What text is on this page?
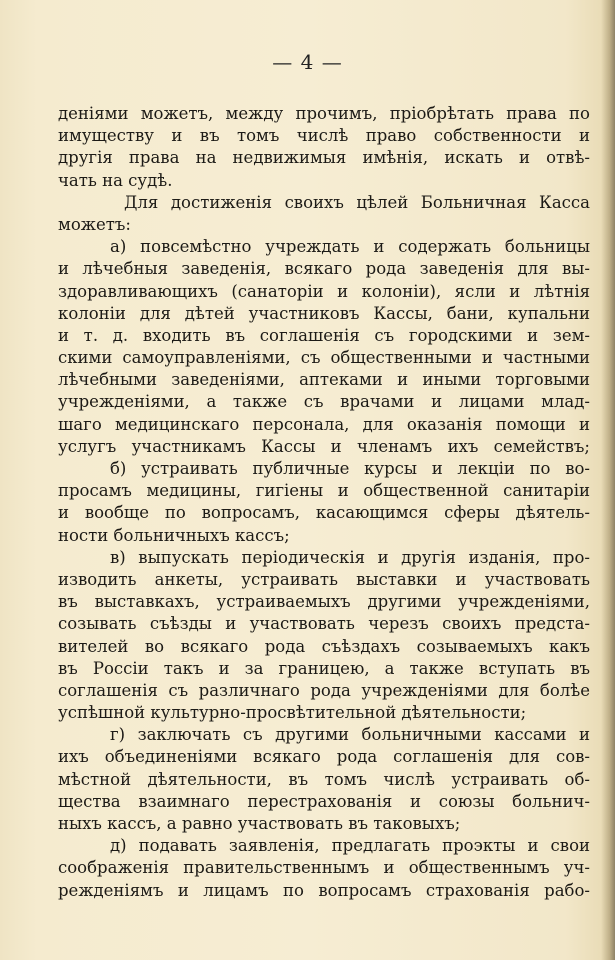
— 4 —
деніями можетъ, между прочимъ, пріобрѣтать права по
имуществу и въ томъ числѣ право собственности и
другія права на недвижимыя имѣнія, искать и отвѣ-
чать на судѣ.
Для достиженія своихъ цѣлей Больничная Касса
можетъ:
а) повсемѣстно учреждать и содержать больницы
и лѣчебныя заведенія, всякаго рода заведенія для вы-
здоравливающихъ (санаторіи и колоніи), ясли и лѣтнія
колоніи для дѣтей участниковъ Кассы, бани, купальни
и т. д. входить въ соглашенія съ городскими и зем-
скими самоуправленіями, съ общественными и частными
лѣчебными заведеніями, аптеками и иными торговыми
учрежденіями, а также съ врачами и лицами млад-
шаго медицинскаго персонала, для оказанія помощи и
услугъ участникамъ Кассы и членамъ ихъ семействъ;
б) устраивать публичные курсы и лекціи по во-
просамъ медицины, гигіены и общественной санитаріи
и вообще по вопросамъ, касающимся сферы дѣятель-
ности больничныхъ кассъ;
в) выпускать періодическія и другія изданія, про-
изводить анкеты, устраивать выставки и участвовать
въ выставкахъ, устраиваемыхъ другими учрежденіями,
созывать съѣзды и участвовать черезъ своихъ предста-
вителей во всякаго рода съѣздахъ созываемыхъ какъ
въ Россіи такъ и за границею, а также вступать въ
соглашенія съ различнаго рода учрежденіями для болѣе
успѣшной культурно-просвѣтительной дѣятельности;
г) заключать съ другими больничными кассами и
ихъ объединеніями всякаго рода соглашенія для сов-
мѣстной дѣятельности, въ томъ числѣ устраивать об-
щества взаимнаго перестрахованія и союзы больнич-
ныхъ кассъ, а равно участвовать въ таковыхъ;
д) подавать заявленія, предлагать проэкты и свои
соображенія правительственнымъ и общественнымъ уч-
режденіямъ и лицамъ по вопросамъ страхованія рабо-
